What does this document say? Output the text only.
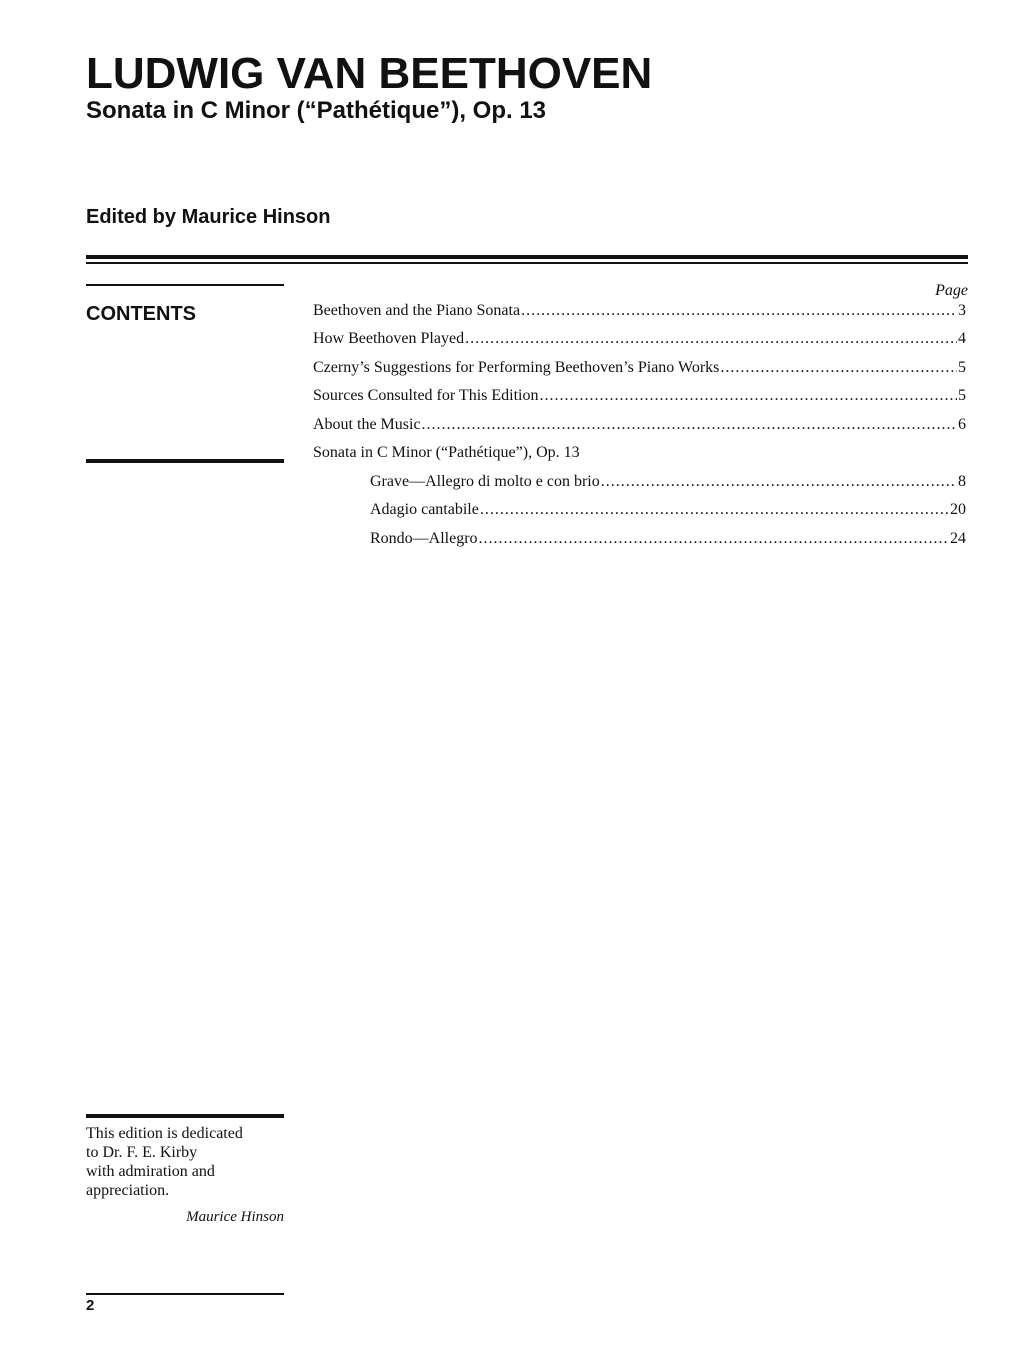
LUDWIG VAN BEETHOVEN
Sonata in C Minor (“Pathétique”), Op. 13
Edited by Maurice Hinson
CONTENTS
Page
Beethoven and the Piano Sonata .....	3
How Beethoven Played .....	4
Czerny’s Suggestions for Performing Beethoven’s Piano Works .....	5
Sources Consulted for This Edition .....	5
About the Music .....	6
Sonata in C Minor (“Pathétique”), Op. 13
Grave—Allegro di molto e con brio .....	8
Adagio cantabile .....	20
Rondo—Allegro .....	24
This edition is dedicated
to Dr. F. E. Kirby
with admiration and
appreciation.
Maurice Hinson
2
